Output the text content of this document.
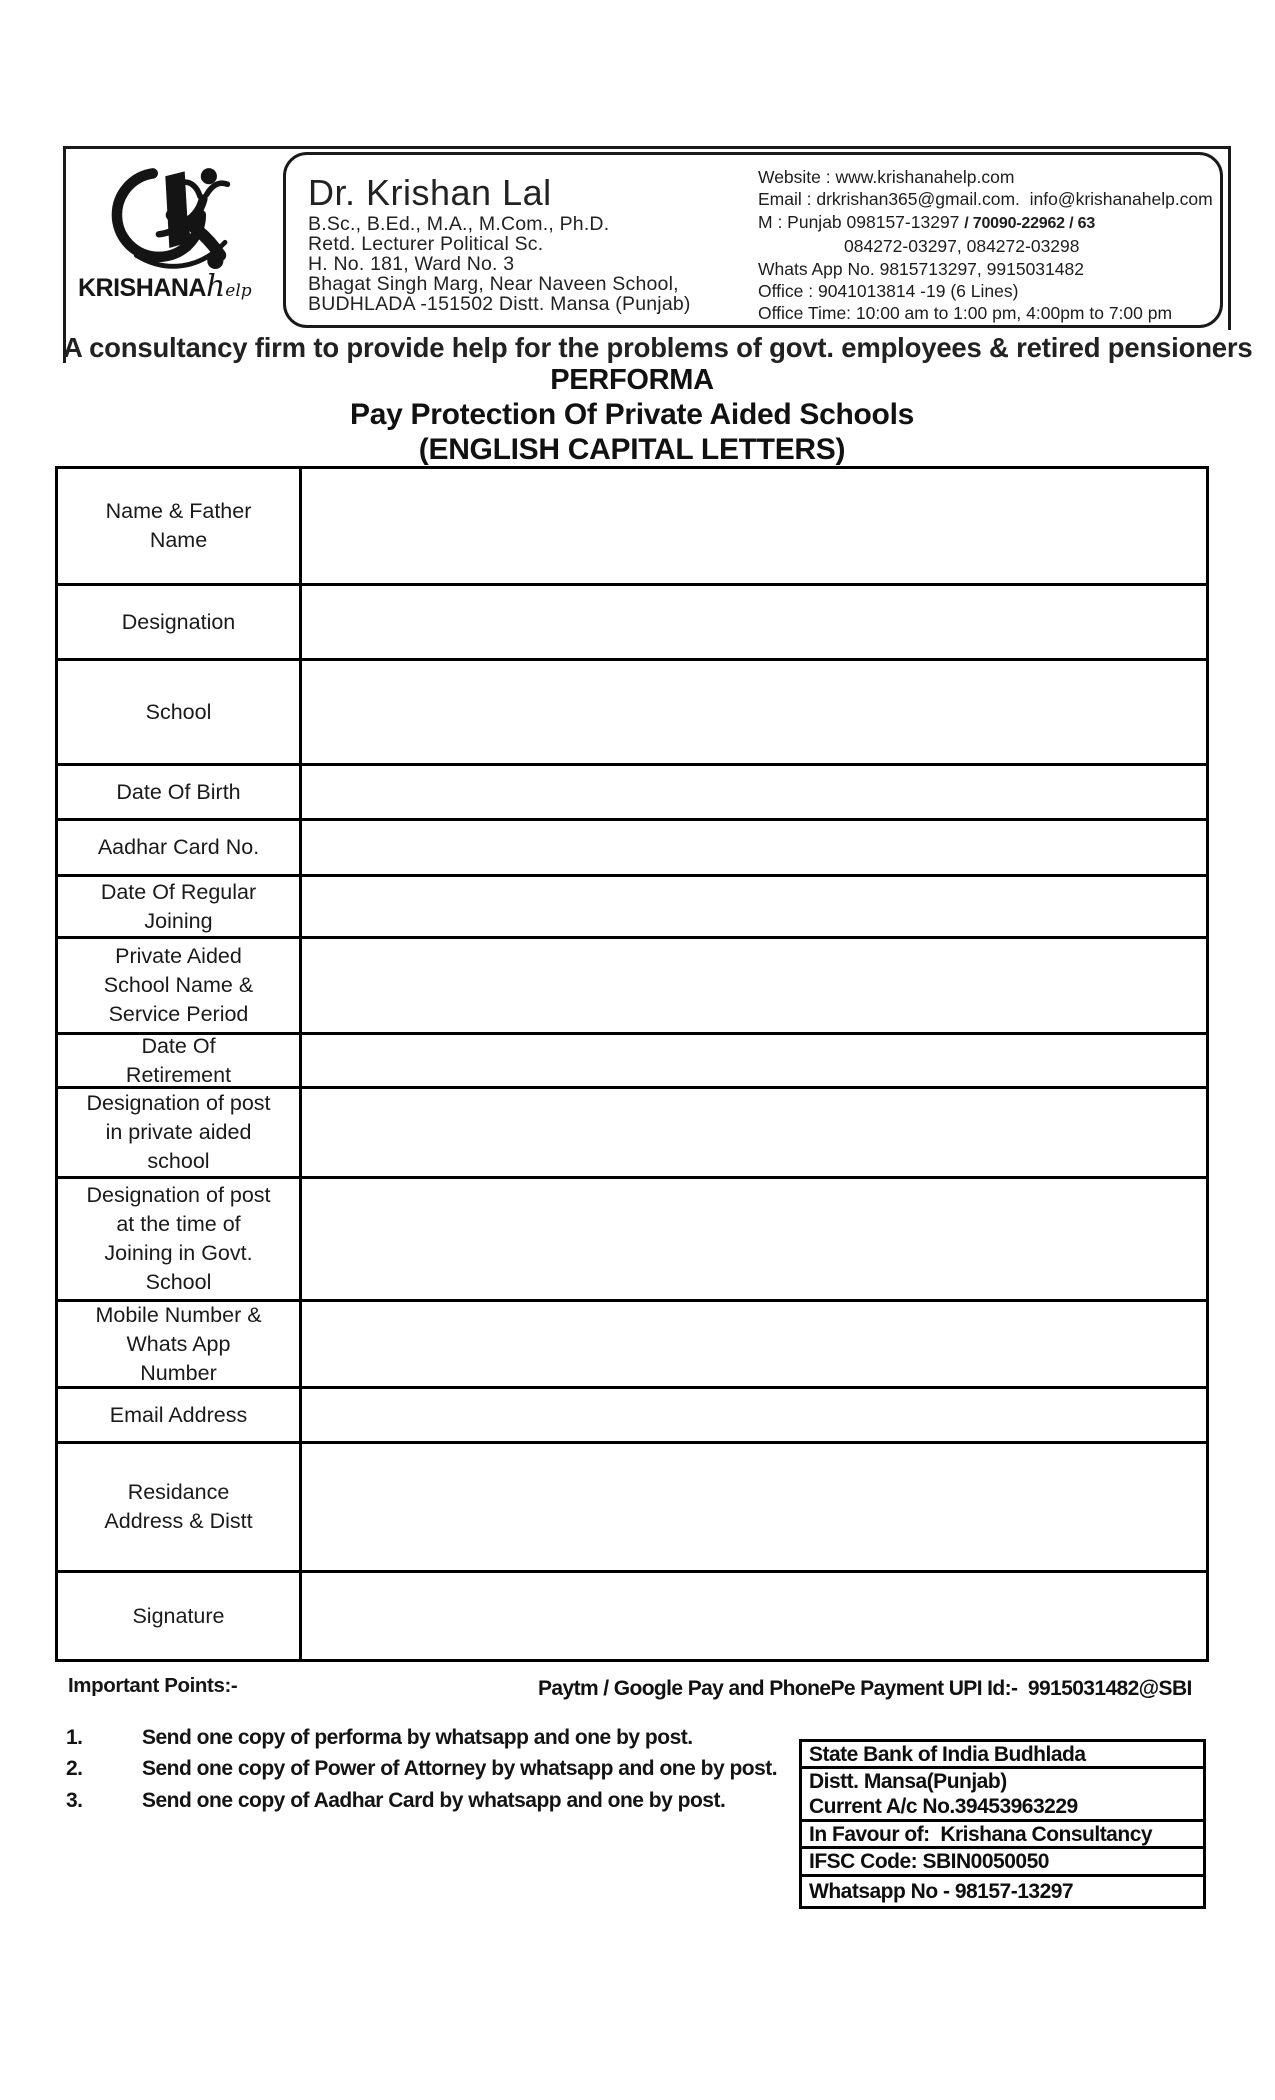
KRISHANAhelp
Dr. Krishan Lal
B.Sc., B.Ed., M.A., M.Com., Ph.D.
Retd. Lecturer Political Sc.
H. No. 181, Ward No. 3
Bhagat Singh Marg, Near Naveen School,
BUDHLADA -151502 Distt. Mansa (Punjab)
Website : www.krishanahelp.com
Email : drkrishan365@gmail.com.  info@krishanahelp.com
M : Punjab 098157-13297 / 70090-22962 / 63
084272-03297, 084272-03298
Whats App No. 9815713297, 9915031482
Office : 9041013814 -19 (6 Lines)
Office Time: 10:00 am to 1:00 pm, 4:00pm to 7:00 pm
A consultancy firm to provide help for the problems of govt. employees & retired pensioners
PERFORMA
Pay Protection Of Private Aided Schools
(ENGLISH CAPITAL LETTERS)
Name & Father Name
Designation
School
Date Of Birth
Aadhar Card No.
Date Of Regular Joining
Private Aided School Name & Service Period
Date Of Retirement
Designation of post in private aided school
Designation of post at the time of Joining in Govt. School
Mobile Number & Whats App Number
Email Address
Residance Address & Distt
Signature
Important Points:-	Paytm / Google Pay and PhonePe Payment UPI Id:-  9915031482@SBI
1.	Send one copy of performa by whatsapp and one by post.
2.	Send one copy of Power of Attorney by whatsapp and one by post.
3.	Send one copy of Aadhar Card by whatsapp and one by post.
State Bank of India Budhlada
Distt. Mansa(Punjab)
Current A/c No.39453963229
In Favour of:  Krishana Consultancy
IFSC Code: SBIN0050050
Whatsapp No - 98157-13297
